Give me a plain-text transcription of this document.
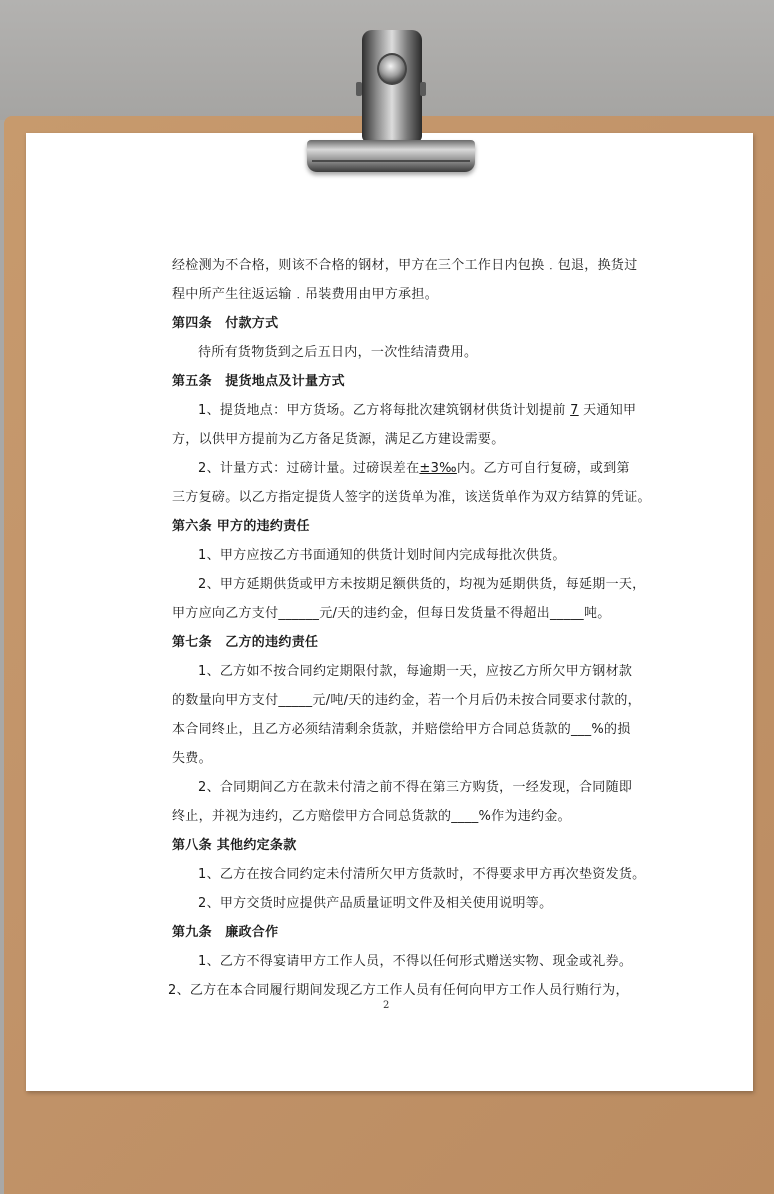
经检测为不合格，则该不合格的钢材，甲方在三个工作日内包换﹒包退，换货过
程中所产生往返运输﹒吊装费用由甲方承担。
第四条　付款方式
待所有货物货到之后五日内，一次性结清费用。
第五条　提货地点及计量方式
1、提货地点：甲方货场。乙方将每批次建筑钢材供货计划提前 7 天通知甲
方，以供甲方提前为乙方备足货源，满足乙方建设需要。
2、计量方式：过磅计量。过磅误差在±3‰内。乙方可自行复磅，或到第
三方复磅。以乙方指定提货人签字的送货单为准，该送货单作为双方结算的凭证。
第六条 甲方的违约责任
1、甲方应按乙方书面通知的供货计划时间内完成每批次供货。
2、甲方延期供货或甲方未按期足额供货的，均视为延期供货，每延期一天，
甲方应向乙方支付______元/天的违约金，但每日发货量不得超出_____吨。
第七条　乙方的违约责任
1、乙方如不按合同约定期限付款，每逾期一天，应按乙方所欠甲方钢材款
的数量向甲方支付_____元/吨/天的违约金，若一个月后仍未按合同要求付款的，
本合同终止，且乙方必须结清剩余货款，并赔偿给甲方合同总货款的___%的损
失费。
2、合同期间乙方在款未付清之前不得在第三方购货，一经发现，合同随即
终止，并视为违约，乙方赔偿甲方合同总货款的____%作为违约金。
第八条 其他约定条款
1、乙方在按合同约定未付清所欠甲方货款时，不得要求甲方再次垫资发货。
2、甲方交货时应提供产品质量证明文件及相关使用说明等。
第九条　廉政合作
1、乙方不得宴请甲方工作人员，不得以任何形式赠送实物、现金或礼券。
2、乙方在本合同履行期间发现乙方工作人员有任何向甲方工作人员行贿行为，
2
